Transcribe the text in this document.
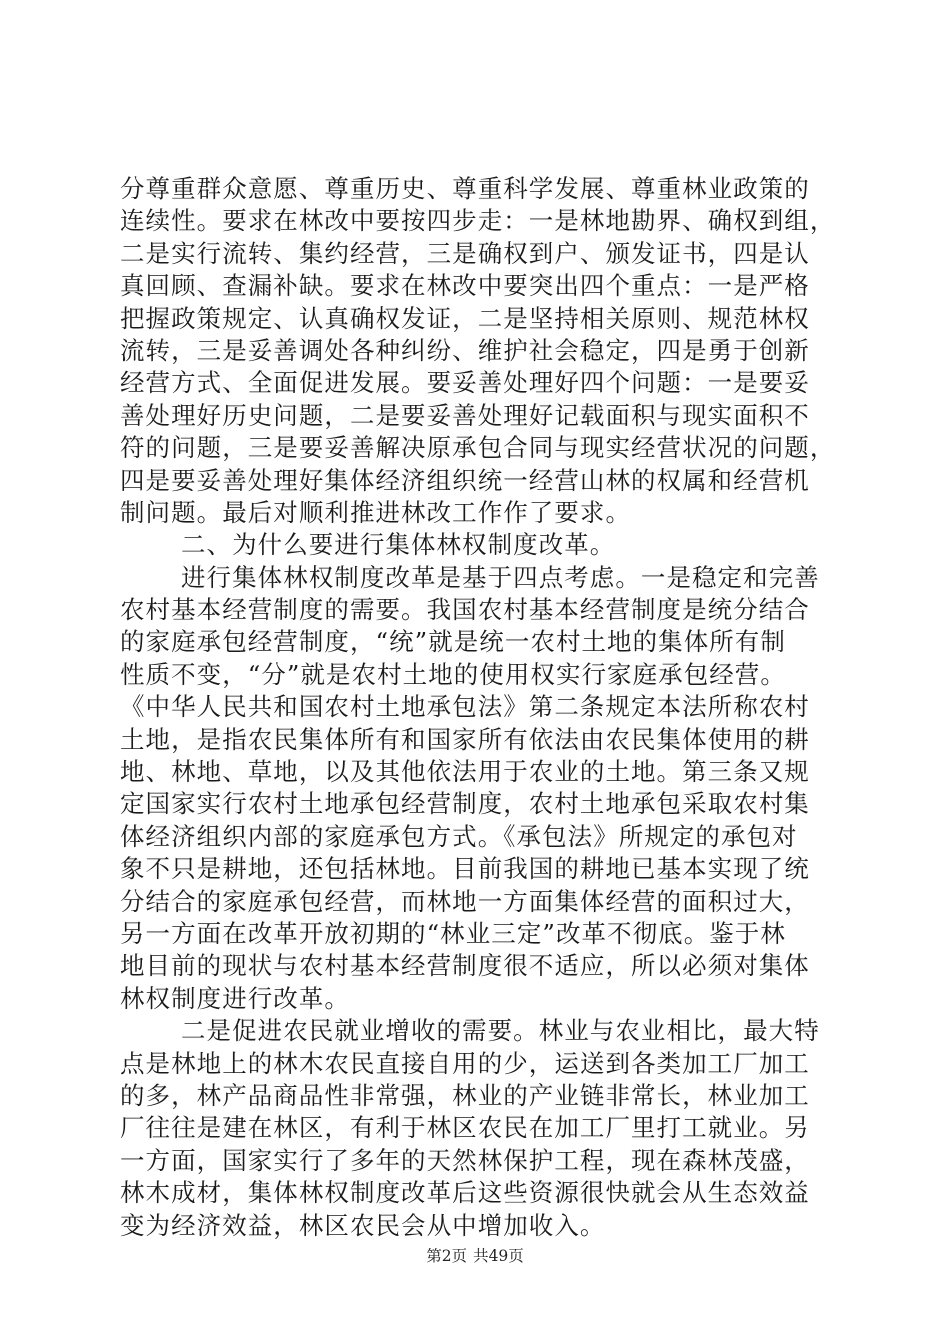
分尊重群众意愿、尊重历史、尊重科学发展、尊重林业政策的
连续性。要求在林改中要按四步走：一是林地勘界、确权到组，
二是实行流转、集约经营，三是确权到户、颁发证书，四是认
真回顾、查漏补缺。要求在林改中要突出四个重点：一是严格
把握政策规定、认真确权发证，二是坚持相关原则、规范林权
流转，三是妥善调处各种纠纷、维护社会稳定，四是勇于创新
经营方式、全面促进发展。要妥善处理好四个问题：一是要妥
善处理好历史问题，二是要妥善处理好记载面积与现实面积不
符的问题，三是要妥善解决原承包合同与现实经营状况的问题，
四是要妥善处理好集体经济组织统一经营山林的权属和经营机
制问题。最后对顺利推进林改工作作了要求。
二、为什么要进行集体林权制度改革。
进行集体林权制度改革是基于四点考虑。一是稳定和完善
农村基本经营制度的需要。我国农村基本经营制度是统分结合
的家庭承包经营制度，“统”就是统一农村土地的集体所有制
性质不变，“分”就是农村土地的使用权实行家庭承包经营。
《中华人民共和国农村土地承包法》第二条规定本法所称农村
土地，是指农民集体所有和国家所有依法由农民集体使用的耕
地、林地、草地，以及其他依法用于农业的土地。第三条又规
定国家实行农村土地承包经营制度，农村土地承包采取农村集
体经济组织内部的家庭承包方式。《承包法》所规定的承包对
象不只是耕地，还包括林地。目前我国的耕地已基本实现了统
分结合的家庭承包经营，而林地一方面集体经营的面积过大，
另一方面在改革开放初期的“林业三定”改革不彻底。鉴于林
地目前的现状与农村基本经营制度很不适应，所以必须对集体
林权制度进行改革。
二是促进农民就业增收的需要。林业与农业相比，最大特
点是林地上的林木农民直接自用的少，运送到各类加工厂加工
的多，林产品商品性非常强，林业的产业链非常长，林业加工
厂往往是建在林区，有利于林区农民在加工厂里打工就业。另
一方面，国家实行了多年的天然林保护工程，现在森林茂盛，
林木成材，集体林权制度改革后这些资源很快就会从生态效益
变为经济效益，林区农民会从中增加收入。
第2页 共49页
